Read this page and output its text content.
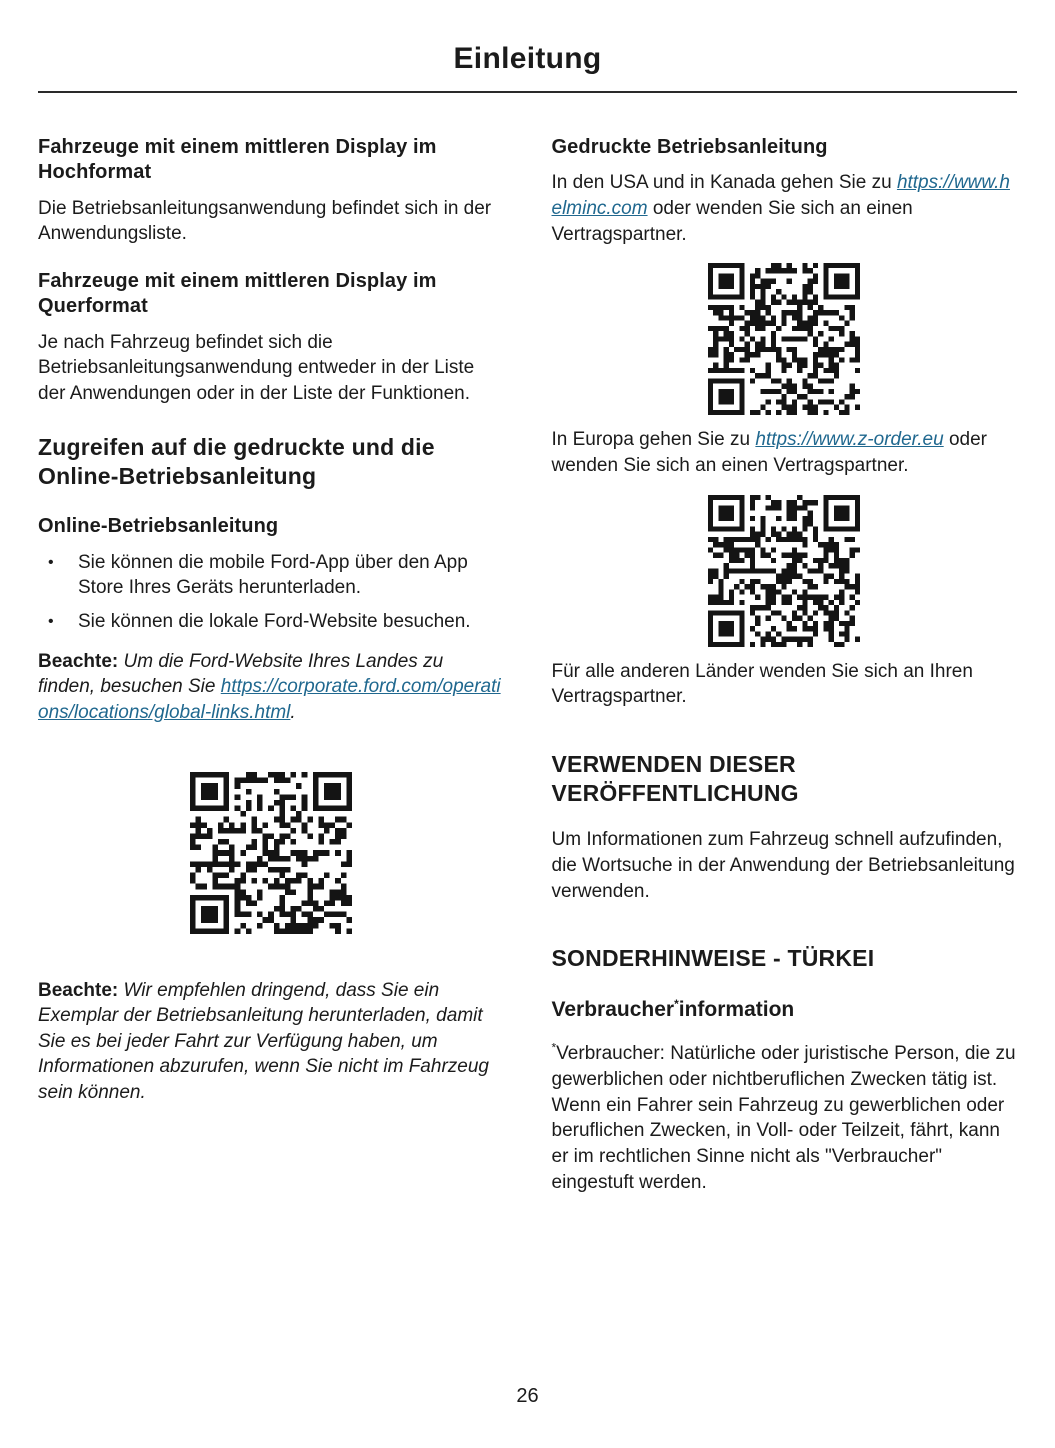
Einleitung
Fahrzeuge mit einem mittleren Display im Hochformat

Die Betriebsanleitungsanwendung befindet sich in der Anwendungsliste.

Fahrzeuge mit einem mittleren Display im Querformat

Je nach Fahrzeug befindet sich die Betriebsanleitungsanwendung entweder in der Liste der Anwendungen oder in der Liste der Funktionen.

Zugreifen auf die gedruckte und die Online-Betriebsanleitung
Online-Betriebsanleitung
•	Sie können die mobile Ford-App über den App Store Ihres Geräts herunterladen.
•	Sie können die lokale Ford-Website besuchen.

Beachte: Um die Ford-Website Ihres Landes zu finden, besuchen Sie https://corporate.ford.com/operations/locations/global-links.html.

Beachte: Wir empfehlen dringend, dass Sie ein Exemplar der Betriebsanleitung herunterladen, damit Sie es bei jeder Fahrt zur Verfügung haben, um Informationen abzurufen, wenn Sie nicht im Fahrzeug sein können.

Gedruckte Betriebsanleitung

In den USA und in Kanada gehen Sie zu https://www.helminc.com oder wenden Sie sich an einen Vertragspartner.

In Europa gehen Sie zu https://www.z-order.eu oder wenden Sie sich an einen Vertragspartner.

Für alle anderen Länder wenden Sie sich an Ihren Vertragspartner.

VERWENDEN DIESER VERÖFFENTLICHUNG

Um Informationen zum Fahrzeug schnell aufzufinden, die Wortsuche in der Anwendung der Betriebsanleitung verwenden.

SONDERHINWEISE - TÜRKEI
Verbraucher*information

*Verbraucher: Natürliche oder juristische Person, die zu gewerblichen oder nichtberuflichen Zwecken tätig ist. Wenn ein Fahrer sein Fahrzeug zu gewerblichen oder beruflichen Zwecken, in Voll- oder Teilzeit, fährt, kann er im rechtlichen Sinne nicht als "Verbraucher" eingestuft werden.

26
